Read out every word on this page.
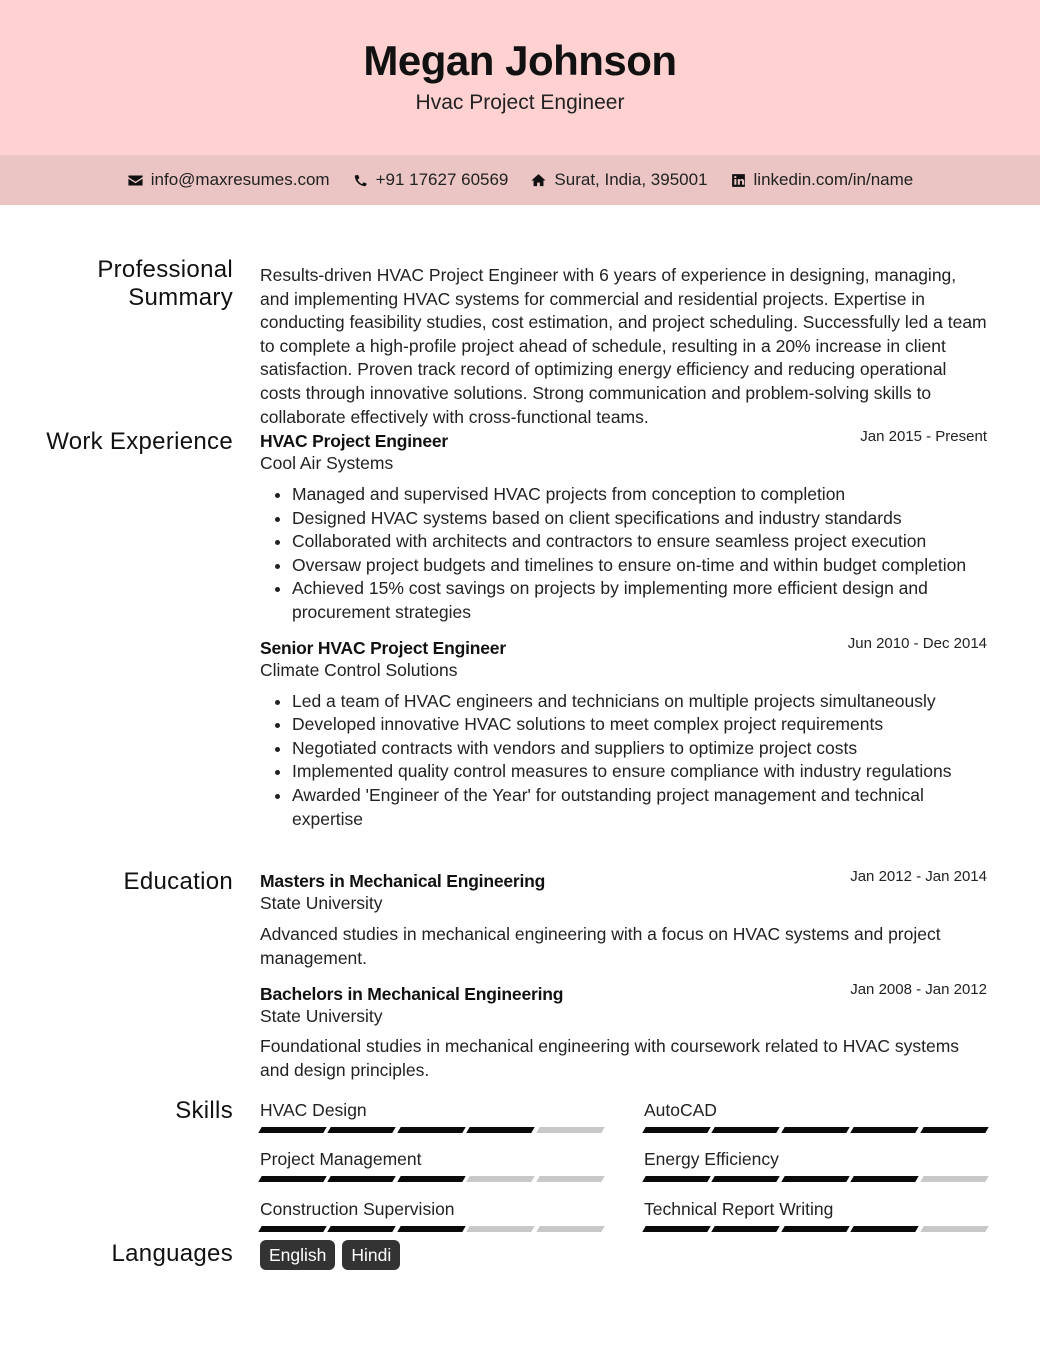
Megan Johnson
Hvac Project Engineer
info@maxresumes.com	+91 17627 60569	Surat, India, 395001	linkedin.com/in/name
Professional Summary

Results-driven HVAC Project Engineer with 6 years of experience in designing, managing, and implementing HVAC systems for commercial and residential projects. Expertise in conducting feasibility studies, cost estimation, and project scheduling. Successfully led a team to complete a high-profile project ahead of schedule, resulting in a 20% increase in client satisfaction. Proven track record of optimizing energy efficiency and reducing operational costs through innovative solutions. Strong communication and problem-solving skills to collaborate effectively with cross-functional teams.

Work Experience HVAC Project Engineer	Jan 2015 - Present
Cool Air Systems
• Managed and supervised HVAC projects from conception to completion
• Designed HVAC systems based on client specifications and industry standards
• Collaborated with architects and contractors to ensure seamless project execution
• Oversaw project budgets and timelines to ensure on-time and within budget completion
• Achieved 15% cost savings on projects by implementing more efficient design and procurement strategies
Senior HVAC Project Engineer	Jun 2010 - Dec 2014
Climate Control Solutions
• Led a team of HVAC engineers and technicians on multiple projects simultaneously
• Developed innovative HVAC solutions to meet complex project requirements
• Negotiated contracts with vendors and suppliers to optimize project costs
• Implemented quality control measures to ensure compliance with industry regulations
• Awarded 'Engineer of the Year' for outstanding project management and technical expertise
Education Masters in Mechanical Engineering	Jan 2012 - Jan 2014
State University

Advanced studies in mechanical engineering with a focus on HVAC systems and project management.

Bachelors in Mechanical Engineering	Jan 2008 - Jan 2012
State University

Foundational studies in mechanical engineering with coursework related to HVAC systems and design principles.

Skills HVAC Design	AutoCAD
Project Management	Energy Efficiency
Construction Supervision	Technical Report Writing
Languages	English	Hindi
